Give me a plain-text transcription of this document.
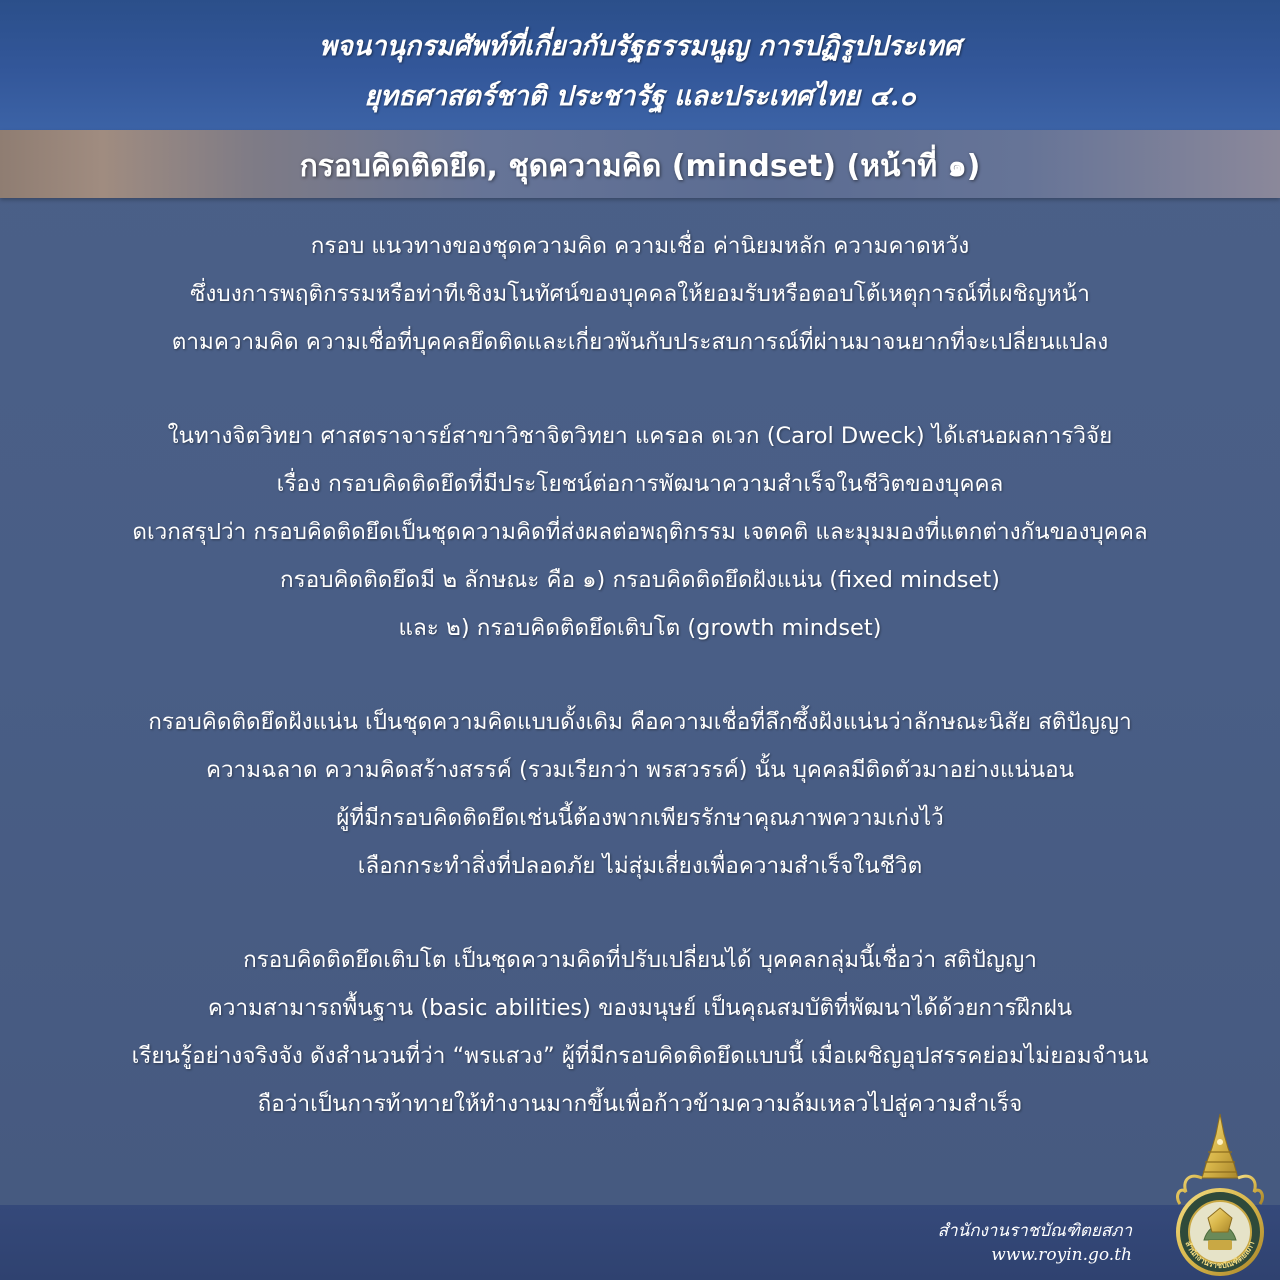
พจนานุกรมศัพท์ที่เกี่ยวกับรัฐธรรมนูญ การปฏิรูปประเทศ
ยุทธศาสตร์ชาติ ประชารัฐ และประเทศไทย ๔.๐
กรอบคิดติดยึด, ชุดความคิด (mindset) (หน้าที่ ๑)
กรอบ แนวทางของชุดความคิด ความเชื่อ ค่านิยมหลัก ความคาดหวัง
ซึ่งบงการพฤติกรรมหรือท่าทีเชิงมโนทัศน์ของบุคคลให้ยอมรับหรือตอบโต้เหตุการณ์ที่เผชิญหน้า
ตามความคิด ความเชื่อที่บุคคลยึดติดและเกี่ยวพันกับประสบการณ์ที่ผ่านมาจนยากที่จะเปลี่ยนแปลง
ในทางจิตวิทยา ศาสตราจารย์สาขาวิชาจิตวิทยา แครอล ดเวก (Carol Dweck) ได้เสนอผลการวิจัย
เรื่อง กรอบคิดติดยึดที่มีประโยชน์ต่อการพัฒนาความสำเร็จในชีวิตของบุคคล
ดเวกสรุปว่า กรอบคิดติดยึดเป็นชุดความคิดที่ส่งผลต่อพฤติกรรม เจตคติ และมุมมองที่แตกต่างกันของบุคคล
กรอบคิดติดยึดมี ๒ ลักษณะ คือ ๑) กรอบคิดติดยึดฝังแน่น (fixed mindset)
และ ๒) กรอบคิดติดยึดเติบโต (growth mindset)
กรอบคิดติดยึดฝังแน่น เป็นชุดความคิดแบบดั้งเดิม คือความเชื่อที่ลึกซึ้งฝังแน่นว่าลักษณะนิสัย สติปัญญา
ความฉลาด ความคิดสร้างสรรค์ (รวมเรียกว่า พรสวรรค์) นั้น บุคคลมีติดตัวมาอย่างแน่นอน
ผู้ที่มีกรอบคิดติดยึดเช่นนี้ต้องพากเพียรรักษาคุณภาพความเก่งไว้
เลือกกระทำสิ่งที่ปลอดภัย ไม่สุ่มเสี่ยงเพื่อความสำเร็จในชีวิต
กรอบคิดติดยึดเติบโต เป็นชุดความคิดที่ปรับเปลี่ยนได้ บุคคลกลุ่มนี้เชื่อว่า สติปัญญา
ความสามารถพื้นฐาน (basic abilities) ของมนุษย์ เป็นคุณสมบัติที่พัฒนาได้ด้วยการฝึกฝน
เรียนรู้อย่างจริงจัง ดังสำนวนที่ว่า “พรแสวง” ผู้ที่มีกรอบคิดติดยึดแบบนี้ เมื่อเผชิญอุปสรรคย่อมไม่ยอมจำนน
ถือว่าเป็นการท้าทายให้ทำงานมากขึ้นเพื่อก้าวข้ามความล้มเหลวไปสู่ความสำเร็จ
สำนักงานราชบัณฑิตยสภา
www.royin.go.th	สำนักงานราชบัณฑิตยสภา
